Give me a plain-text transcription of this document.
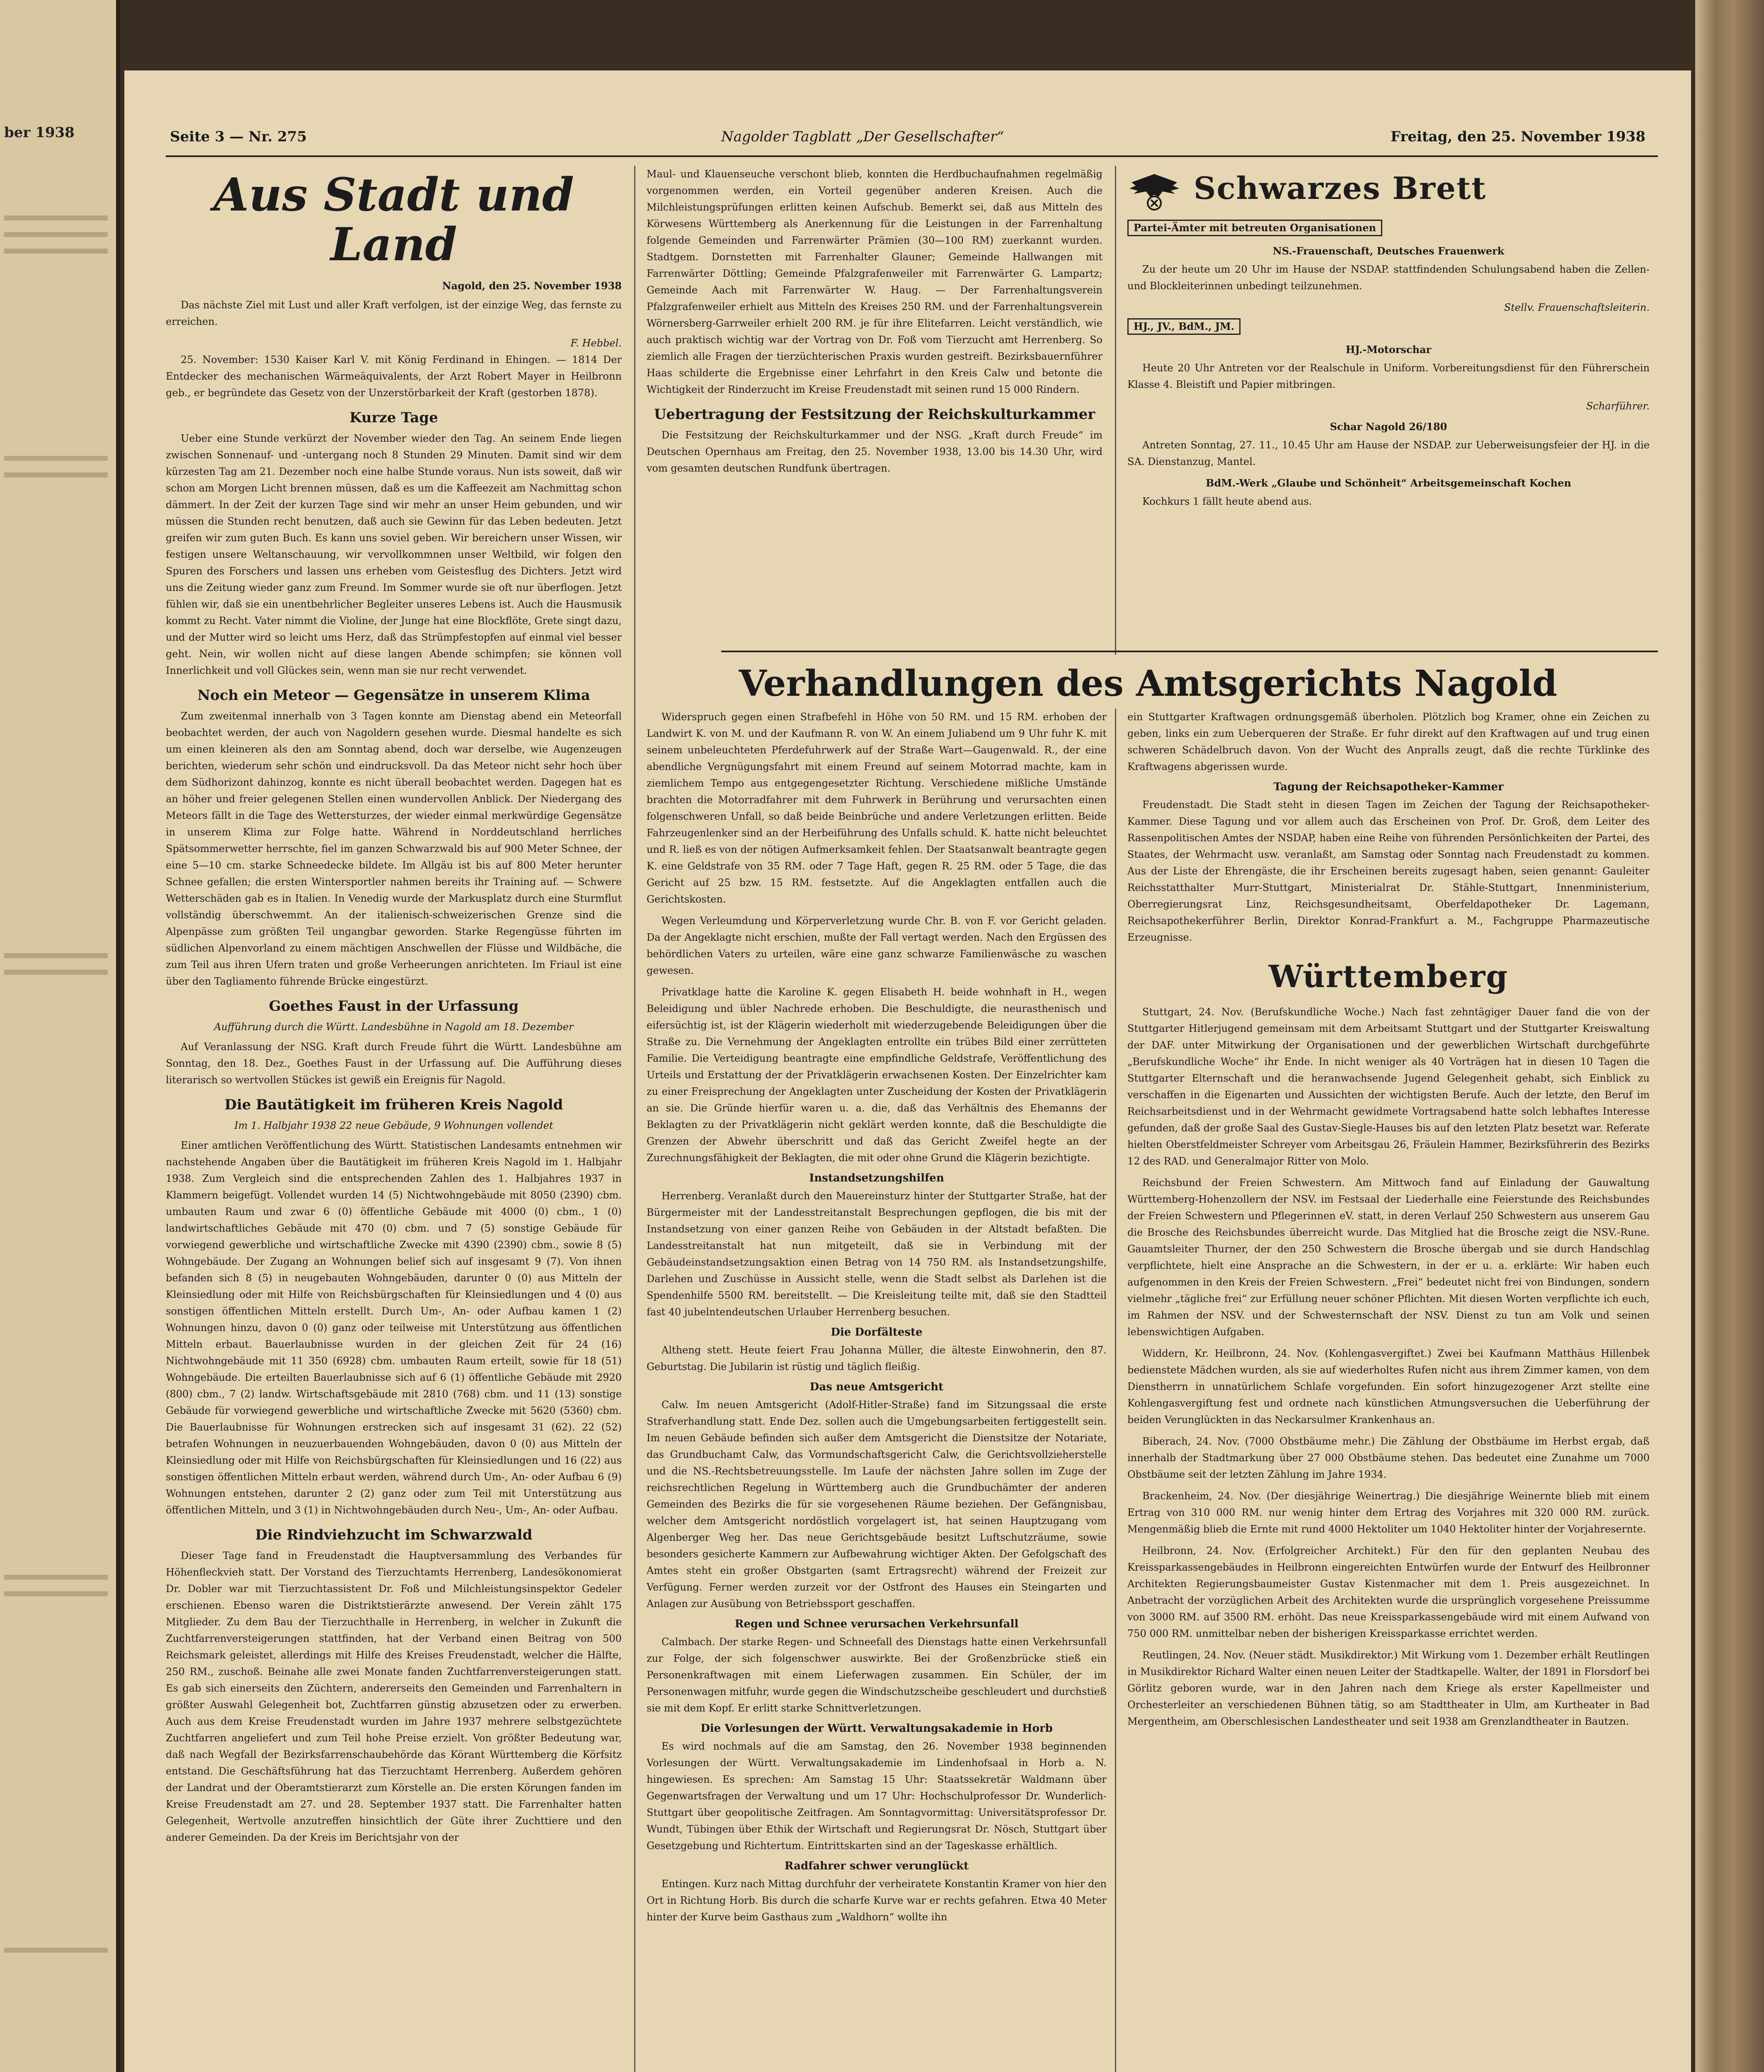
ber 1938	Seite 3 — Nr. 275	Nagolder Tagblatt „Der Gesellschafter“	Freitag, den 25. November 1938
Aus Stadt und Land
Nagold, den 25. November 1938

Das nächste Ziel mit Lust und aller Kraft verfolgen, ist der einzige Weg, das fernste zu erreichen.

F. Hebbel.

25. November: 1530 Kaiser Karl V. mit König Ferdinand in Ehingen. — 1814 Der Entdecker des mechanischen Wärmeäquivalents, der Arzt Robert Mayer in Heilbronn geb., er begründete das Gesetz von der Unzerstörbarkeit der Kraft (gestorben 1878).

Kurze Tage

Ueber eine Stunde verkürzt der November wieder den Tag. An seinem Ende liegen zwischen Sonnenauf- und -untergang noch 8 Stunden 29 Minuten. Damit sind wir dem kürzesten Tag am 21. Dezember noch eine halbe Stunde voraus. Nun ists soweit, daß wir schon am Morgen Licht brennen müssen, daß es um die Kaffeezeit am Nachmittag schon dämmert. In der Zeit der kurzen Tage sind wir mehr an unser Heim gebunden, und wir müssen die Stunden recht benutzen, daß auch sie Gewinn für das Leben bedeuten. Jetzt greifen wir zum guten Buch. Es kann uns soviel geben. Wir bereichern unser Wissen, wir festigen unsere Weltanschauung, wir vervollkommnen unser Weltbild, wir folgen den Spuren des Forschers und lassen uns erheben vom Geistesflug des Dichters. Jetzt wird uns die Zeitung wieder ganz zum Freund. Im Sommer wurde sie oft nur überflogen. Jetzt fühlen wir, daß sie ein unentbehrlicher Begleiter unseres Lebens ist. Auch die Hausmusik kommt zu Recht. Vater nimmt die Violine, der Junge hat eine Blockflöte, Grete singt dazu, und der Mutter wird so leicht ums Herz, daß das Strümpfestopfen auf einmal viel besser geht. Nein, wir wollen nicht auf diese langen Abende schimpfen; sie können voll Innerlichkeit und voll Glückes sein, wenn man sie nur recht verwendet.

Noch ein Meteor — Gegensätze in unserem Klima

Zum zweitenmal innerhalb von 3 Tagen konnte am Dienstag abend ein Meteorfall beobachtet werden, der auch von Nagoldern gesehen wurde. Diesmal handelte es sich um einen kleineren als den am Sonntag abend, doch war derselbe, wie Augenzeugen berichten, wiederum sehr schön und eindrucksvoll. Da das Meteor nicht sehr hoch über dem Südhorizont dahinzog, konnte es nicht überall beobachtet werden. Dagegen hat es an höher und freier gelegenen Stellen einen wundervollen Anblick. Der Niedergang des Meteors fällt in die Tage des Wettersturzes, der wieder einmal merkwürdige Gegensätze in unserem Klima zur Folge hatte. Während in Norddeutschland herrliches Spätsommerwetter herrschte, fiel im ganzen Schwarzwald bis auf 900 Meter Schnee, der eine 5—10 cm. starke Schneedecke bildete. Im Allgäu ist bis auf 800 Meter herunter Schnee gefallen; die ersten Wintersportler nahmen bereits ihr Training auf. — Schwere Wetterschäden gab es in Italien. In Venedig wurde der Markusplatz durch eine Sturmflut vollständig überschwemmt. An der italienisch-schweizerischen Grenze sind die Alpenpässe zum größten Teil ungangbar geworden. Starke Regengüsse führten im südlichen Alpenvorland zu einem mächtigen Anschwellen der Flüsse und Wildbäche, die zum Teil aus ihren Ufern traten und große Verheerungen anrichteten. Im Friaul ist eine über den Tagliamento führende Brücke eingestürzt.

Goethes Faust in der Urfassung
Aufführung durch die Württ. Landesbühne in Nagold am 18. Dezember

Auf Veranlassung der NSG. Kraft durch Freude führt die Württ. Landesbühne am Sonntag, den 18. Dez., Goethes Faust in der Urfassung auf. Die Aufführung dieses literarisch so wertvollen Stückes ist gewiß ein Ereignis für Nagold.

Die Bautätigkeit im früheren Kreis Nagold
Im 1. Halbjahr 1938 22 neue Gebäude, 9 Wohnungen vollendet

Einer amtlichen Veröffentlichung des Württ. Statistischen Landesamts entnehmen wir nachstehende Angaben über die Bautätigkeit im früheren Kreis Nagold im 1. Halbjahr 1938. Zum Vergleich sind die entsprechenden Zahlen des 1. Halbjahres 1937 in Klammern beigefügt. Vollendet wurden 14 (5) Nichtwohngebäude mit 8050 (2390) cbm. umbauten Raum und zwar 6 (0) öffentliche Gebäude mit 4000 (0) cbm., 1 (0) landwirtschaftliches Gebäude mit 470 (0) cbm. und 7 (5) sonstige Gebäude für vorwiegend gewerbliche und wirtschaftliche Zwecke mit 4390 (2390) cbm., sowie 8 (5) Wohngebäude. Der Zugang an Wohnungen belief sich auf insgesamt 9 (7). Von ihnen befanden sich 8 (5) in neugebauten Wohngebäuden, darunter 0 (0) aus Mitteln der Kleinsiedlung oder mit Hilfe von Reichsbürgschaften für Kleinsiedlungen und 4 (0) aus sonstigen öffentlichen Mitteln erstellt. Durch Um-, An- oder Aufbau kamen 1 (2) Wohnungen hinzu, davon 0 (0) ganz oder teilweise mit Unterstützung aus öffentlichen Mitteln erbaut. Bauerlaubnisse wurden in der gleichen Zeit für 24 (16) Nichtwohngebäude mit 11 350 (6928) cbm. umbauten Raum erteilt, sowie für 18 (51) Wohngebäude. Die erteilten Bauerlaubnisse sich auf 6 (1) öffentliche Gebäude mit 2920 (800) cbm., 7 (2) landw. Wirtschaftsgebäude mit 2810 (768) cbm. und 11 (13) sonstige Gebäude für vorwiegend gewerbliche und wirtschaftliche Zwecke mit 5620 (5360) cbm. Die Bauerlaubnisse für Wohnungen erstrecken sich auf insgesamt 31 (62). 22 (52) betrafen Wohnungen in neuzuerbauenden Wohngebäuden, davon 0 (0) aus Mitteln der Kleinsiedlung oder mit Hilfe von Reichsbürgschaften für Kleinsiedlungen und 16 (22) aus sonstigen öffentlichen Mitteln erbaut werden, während durch Um-, An- oder Aufbau 6 (9) Wohnungen entstehen, darunter 2 (2) ganz oder zum Teil mit Unterstützung aus öffentlichen Mitteln, und 3 (1) in Nichtwohngebäuden durch Neu-, Um-, An- oder Aufbau.

Die Rindviehzucht im Schwarzwald

Dieser Tage fand in Freudenstadt die Hauptversammlung des Verbandes für Höhenfleckvieh statt. Der Vorstand des Tierzuchtamts Herrenberg, Landesökonomierat Dr. Dobler war mit Tierzuchtassistent Dr. Foß und Milchleistungsinspektor Gedeler erschienen. Ebenso waren die Distriktstierärzte anwesend. Der Verein zählt 175 Mitglieder. Zu dem Bau der Tierzuchthalle in Herrenberg, in welcher in Zukunft die Zuchtfarrenversteigerungen stattfinden, hat der Verband einen Beitrag von 500 Reichsmark geleistet, allerdings mit Hilfe des Kreises Freudenstadt, welcher die Hälfte, 250 RM., zuschoß. Beinahe alle zwei Monate fanden Zuchtfarrenversteigerungen statt. Es gab sich einerseits den Züchtern, andererseits den Gemeinden und Farrenhaltern in größter Auswahl Gelegenheit bot, Zuchtfarren günstig abzusetzen oder zu erwerben. Auch aus dem Kreise Freudenstadt wurden im Jahre 1937 mehrere selbstgezüchtete Zuchtfarren angeliefert und zum Teil hohe Preise erzielt. Von größter Bedeutung war, daß nach Wegfall der Bezirksfarrenschaubehörde das Körant Württemberg die Körfsitz entstand. Die Geschäftsführung hat das Tierzuchtamt Herrenberg. Außerdem gehören der Landrat und der Oberamtstierarzt zum Körstelle an. Die ersten Körungen fanden im Kreise Freudenstadt am 27. und 28. September 1937 statt. Die Farrenhalter hatten Gelegenheit, Wertvolle anzutreffen hinsichtlich der Güte ihrer Zuchttiere und den anderer Gemeinden. Da der Kreis im Berichtsjahr von der

Maul- und Klauenseuche verschont blieb, konnten die Herdbuchaufnahmen regelmäßig vorgenommen werden, ein Vorteil gegenüber anderen Kreisen. Auch die Milchleistungsprüfungen erlitten keinen Aufschub. Bemerkt sei, daß aus Mitteln des Körwesens Württemberg als Anerkennung für die Leistungen in der Farrenhaltung folgende Gemeinden und Farrenwärter Prämien (30—100 RM) zuerkannt wurden. Stadtgem. Dornstetten mit Farrenhalter Glauner; Gemeinde Hallwangen mit Farrenwärter Döttling; Gemeinde Pfalzgrafenweiler mit Farrenwärter G. Lampartz; Gemeinde Aach mit Farrenwärter W. Haug. — Der Farrenhaltungsverein Pfalzgrafenweiler erhielt aus Mitteln des Kreises 250 RM. und der Farrenhaltungsverein Wörnersberg-Garrweiler erhielt 200 RM. je für ihre Elitefarren. Leicht verständlich, wie auch praktisch wichtig war der Vortrag von Dr. Foß vom Tierzucht amt Herrenberg. So ziemlich alle Fragen der tierzüchterischen Praxis wurden gestreift. Bezirksbauernführer Haas schilderte die Ergebnisse einer Lehrfahrt in den Kreis Calw und betonte die Wichtigkeit der Rinderzucht im Kreise Freudenstadt mit seinen rund 15 000 Rindern.

Uebertragung der Festsitzung der Reichskulturkammer

Die Festsitzung der Reichskulturkammer und der NSG. „Kraft durch Freude“ im Deutschen Opernhaus am Freitag, den 25. November 1938, 13.00 bis 14.30 Uhr, wird vom gesamten deutschen Rundfunk übertragen.

Schwarzes Brett
Partei-Ämter mit betreuten Organisationen
NS.-Frauenschaft, Deutsches Frauenwerk

Zu der heute um 20 Uhr im Hause der NSDAP. stattfindenden Schulungsabend haben die Zellen- und Blockleiterinnen unbedingt teilzunehmen.

Stellv. Frauenschaftsleiterin.
HJ., JV., BdM., JM.
HJ.-Motorschar

Heute 20 Uhr Antreten vor der Realschule in Uniform. Vorbereitungsdienst für den Führerschein Klasse 4. Bleistift und Papier mitbringen.

Scharführer.
Schar Nagold 26/180

Antreten Sonntag, 27. 11., 10.45 Uhr am Hause der NSDAP. zur Ueberweisungsfeier der HJ. in die SA. Dienstanzug, Mantel.

BdM.-Werk „Glaube und Schönheit“ Arbeitsgemeinschaft Kochen

Kochkurs 1 fällt heute abend aus.

Verhandlungen des Amtsgerichts Nagold

Widerspruch gegen einen Strafbefehl in Höhe von 50 RM. und 15 RM. erhoben der Landwirt K. von M. und der Kaufmann R. von W. An einem Juliabend um 9 Uhr fuhr K. mit seinem unbeleuchteten Pferdefuhrwerk auf der Straße Wart—Gaugenwald. R., der eine abendliche Vergnügungsfahrt mit einem Freund auf seinem Motorrad machte, kam in ziemlichem Tempo aus entgegengesetzter Richtung. Verschiedene mißliche Umstände brachten die Motorradfahrer mit dem Fuhrwerk in Berührung und verursachten einen folgenschweren Unfall, so daß beide Beinbrüche und andere Verletzungen erlitten. Beide Fahrzeugenlenker sind an der Herbeiführung des Unfalls schuld. K. hatte nicht beleuchtet und R. ließ es von der nötigen Aufmerksamkeit fehlen. Der Staatsanwalt beantragte gegen K. eine Geldstrafe von 35 RM. oder 7 Tage Haft, gegen R. 25 RM. oder 5 Tage, die das Gericht auf 25 bzw. 15 RM. festsetzte. Auf die Angeklagten entfallen auch die Gerichtskosten.

Wegen Verleumdung und Körperverletzung wurde Chr. B. von F. vor Gericht geladen. Da der Angeklagte nicht erschien, mußte der Fall vertagt werden. Nach den Ergüssen des behördlichen Vaters zu urteilen, wäre eine ganz schwarze Familienwäsche zu waschen gewesen.

Privatklage hatte die Karoline K. gegen Elisabeth H. beide wohnhaft in H., wegen Beleidigung und übler Nachrede erhoben. Die Beschuldigte, die neurasthenisch und eifersüchtig ist, ist der Klägerin wiederholt mit wiederzugebende Beleidigungen über die Straße zu. Die Vernehmung der Angeklagten entrollte ein trübes Bild einer zerrütteten Familie. Die Verteidigung beantragte eine empfindliche Geldstrafe, Veröffentlichung des Urteils und Erstattung der der Privatklägerin erwachsenen Kosten. Der Einzelrichter kam zu einer Freisprechung der Angeklagten unter Zuscheidung der Kosten der Privatklägerin an sie. Die Gründe hierfür waren u. a. die, daß das Verhältnis des Ehemanns der Beklagten zu der Privatklägerin nicht geklärt werden konnte, daß die Beschuldigte die Grenzen der Abwehr überschritt und daß das Gericht Zweifel hegte an der Zurechnungsfähigkeit der Beklagten, die mit oder ohne Grund die Klägerin bezichtigte.

Instandsetzungshilfen

Herrenberg. Veranlaßt durch den Mauereinsturz hinter der Stuttgarter Straße, hat der Bürgermeister mit der Landesstreitanstalt Besprechungen gepflogen, die bis mit der Instandsetzung von einer ganzen Reihe von Gebäuden in der Altstadt befaßten. Die Landesstreitanstalt hat nun mitgeteilt, daß sie in Verbindung mit der Gebäudeinstandsetzungsaktion einen Betrag von 14 750 RM. als Instandsetzungshilfe, Darlehen und Zuschüsse in Aussicht stelle, wenn die Stadt selbst als Darlehen ist die Spendenhilfe 5500 RM. bereitstellt. — Die Kreisleitung teilte mit, daß sie den Stadtteil fast 40 jubelntendeutschen Urlauber Herrenberg besuchen.

Die Dorfälteste

Altheng stett. Heute feiert Frau Johanna Müller, die älteste Einwohnerin, den 87. Geburtstag. Die Jubilarin ist rüstig und täglich fleißig.

Das neue Amtsgericht

Calw. Im neuen Amtsgericht (Adolf-Hitler-Straße) fand im Sitzungssaal die erste Strafverhandlung statt. Ende Dez. sollen auch die Umgebungsarbeiten fertiggestellt sein. Im neuen Gebäude befinden sich außer dem Amtsgericht die Dienstsitze der Notariate, das Grundbuchamt Calw, das Vormundschaftsgericht Calw, die Gerichtsvollzieherstelle und die NS.-Rechtsbetreuungsstelle. Im Laufe der nächsten Jahre sollen im Zuge der reichsrechtlichen Regelung in Württemberg auch die Grundbuchämter der anderen Gemeinden des Bezirks die für sie vorgesehenen Räume beziehen. Der Gefängnisbau, welcher dem Amtsgericht nordöstlich vorgelagert ist, hat seinen Hauptzugang vom Algenberger Weg her. Das neue Gerichtsgebäude besitzt Luftschutzräume, sowie besonders gesicherte Kammern zur Aufbewahrung wichtiger Akten. Der Gefolgschaft des Amtes steht ein großer Obstgarten (samt Ertragsrecht) während der Freizeit zur Verfügung. Ferner werden zurzeit vor der Ostfront des Hauses ein Steingarten und Anlagen zur Ausübung von Betriebssport geschaffen.

Regen und Schnee verursachen Verkehrsunfall

Calmbach. Der starke Regen- und Schneefall des Dienstags hatte einen Verkehrsunfall zur Folge, der sich folgenschwer auswirkte. Bei der Großenzbrücke stieß ein Personenkraftwagen mit einem Lieferwagen zusammen. Ein Schüler, der im Personenwagen mitfuhr, wurde gegen die Windschutzscheibe geschleudert und durchstieß sie mit dem Kopf. Er erlitt starke Schnittverletzungen.

Die Vorlesungen der Württ. Verwaltungsakademie in Horb

Es wird nochmals auf die am Samstag, den 26. November 1938 beginnenden Vorlesungen der Württ. Verwaltungsakademie im Lindenhofsaal in Horb a. N. hingewiesen. Es sprechen: Am Samstag 15 Uhr: Staatssekretär Waldmann über Gegenwartsfragen der Verwaltung und um 17 Uhr: Hochschulprofessor Dr. Wunderlich-Stuttgart über geopolitische Zeitfragen. Am Sonntagvormittag: Universitätsprofessor Dr. Wundt, Tübingen über Ethik der Wirtschaft und Regierungsrat Dr. Nösch, Stuttgart über Gesetzgebung und Richtertum. Eintrittskarten sind an der Tageskasse erhältlich.

Radfahrer schwer verunglückt

Entingen. Kurz nach Mittag durchfuhr der verheiratete Konstantin Kramer von hier den Ort in Richtung Horb. Bis durch die scharfe Kurve war er rechts gefahren. Etwa 40 Meter hinter der Kurve beim Gasthaus zum „Waldhorn“ wollte ihn

ein Stuttgarter Kraftwagen ordnungsgemäß überholen. Plötzlich bog Kramer, ohne ein Zeichen zu geben, links ein zum Ueberqueren der Straße. Er fuhr direkt auf den Kraftwagen auf und trug einen schweren Schädelbruch davon. Von der Wucht des Anpralls zeugt, daß die rechte Türklinke des Kraftwagens abgerissen wurde.

Tagung der Reichsapotheker-Kammer

Freudenstadt. Die Stadt steht in diesen Tagen im Zeichen der Tagung der Reichsapotheker-Kammer. Diese Tagung und vor allem auch das Erscheinen von Prof. Dr. Groß, dem Leiter des Rassenpolitischen Amtes der NSDAP, haben eine Reihe von führenden Persönlichkeiten der Partei, des Staates, der Wehrmacht usw. veranlaßt, am Samstag oder Sonntag nach Freudenstadt zu kommen. Aus der Liste der Ehrengäste, die ihr Erscheinen bereits zugesagt haben, seien genannt: Gauleiter Reichsstatthalter Murr-Stuttgart, Ministerialrat Dr. Stähle-Stuttgart, Innenministerium, Oberregierungsrat Linz, Reichsgesundheitsamt, Oberfeldapotheker Dr. Lagemann, Reichsapothekerführer Berlin, Direktor Konrad-Frankfurt a. M., Fachgruppe Pharmazeutische Erzeugnisse.

Württemberg

Stuttgart, 24. Nov. (Berufskundliche Woche.) Nach fast zehntägiger Dauer fand die von der Stuttgarter Hitlerjugend gemeinsam mit dem Arbeitsamt Stuttgart und der Stuttgarter Kreiswaltung der DAF. unter Mitwirkung der Organisationen und der gewerblichen Wirtschaft durchgeführte „Berufskundliche Woche“ ihr Ende. In nicht weniger als 40 Vorträgen hat in diesen 10 Tagen die Stuttgarter Elternschaft und die heranwachsende Jugend Gelegenheit gehabt, sich Einblick zu verschaffen in die Eigenarten und Aussichten der wichtigsten Berufe. Auch der letzte, den Beruf im Reichsarbeitsdienst und in der Wehrmacht gewidmete Vortragsabend hatte solch lebhaftes Interesse gefunden, daß der große Saal des Gustav-Siegle-Hauses bis auf den letzten Platz besetzt war. Referate hielten Oberstfeldmeister Schreyer vom Arbeitsgau 26, Fräulein Hammer, Bezirksführerin des Bezirks 12 des RAD. und Generalmajor Ritter von Molo.

Reichsbund der Freien Schwestern. Am Mittwoch fand auf Einladung der Gauwaltung Württemberg-Hohenzollern der NSV. im Festsaal der Liederhalle eine Feierstunde des Reichsbundes der Freien Schwestern und Pflegerinnen eV. statt, in deren Verlauf 250 Schwestern aus unserem Gau die Brosche des Reichsbundes überreicht wurde. Das Mitglied hat die Brosche zeigt die NSV.-Rune. Gauamtsleiter Thurner, der den 250 Schwestern die Brosche übergab und sie durch Handschlag verpflichtete, hielt eine Ansprache an die Schwestern, in der er u. a. erklärte: Wir haben euch aufgenommen in den Kreis der Freien Schwestern. „Frei“ bedeutet nicht frei von Bindungen, sondern vielmehr „tägliche frei“ zur Erfüllung neuer schöner Pflichten. Mit diesen Worten verpflichte ich euch, im Rahmen der NSV. und der Schwesternschaft der NSV. Dienst zu tun am Volk und seinen lebenswichtigen Aufgaben.

Widdern, Kr. Heilbronn, 24. Nov. (Kohlengasvergiftet.) Zwei bei Kaufmann Matthäus Hillenbek bedienstete Mädchen wurden, als sie auf wiederholtes Rufen nicht aus ihrem Zimmer kamen, von dem Dienstherrn in unnatürlichem Schlafe vorgefunden. Ein sofort hinzugezogener Arzt stellte eine Kohlengasvergiftung fest und ordnete nach künstlichen Atmungsversuchen die Ueberführung der beiden Verunglückten in das Neckarsulmer Krankenhaus an.

Biberach, 24. Nov. (7000 Obstbäume mehr.) Die Zählung der Obstbäume im Herbst ergab, daß innerhalb der Stadtmarkung über 27 000 Obstbäume stehen. Das bedeutet eine Zunahme um 7000 Obstbäume seit der letzten Zählung im Jahre 1934.

Brackenheim, 24. Nov. (Der diesjährige Weinertrag.) Die diesjährige Weinernte blieb mit einem Ertrag von 310 000 RM. nur wenig hinter dem Ertrag des Vorjahres mit 320 000 RM. zurück. Mengenmäßig blieb die Ernte mit rund 4000 Hektoliter um 1040 Hektoliter hinter der Vorjahresernte.

Heilbronn, 24. Nov. (Erfolgreicher Architekt.) Für den für den geplanten Neubau des Kreissparkassengebäudes in Heilbronn eingereichten Entwürfen wurde der Entwurf des Heilbronner Architekten Regierungsbaumeister Gustav Kistenmacher mit dem 1. Preis ausgezeichnet. In Anbetracht der vorzüglichen Arbeit des Architekten wurde die ursprünglich vorgesehene Preissumme von 3000 RM. auf 3500 RM. erhöht. Das neue Kreissparkassengebäude wird mit einem Aufwand von 750 000 RM. unmittelbar neben der bisherigen Kreissparkasse errichtet werden.

Reutlingen, 24. Nov. (Neuer städt. Musikdirektor.) Mit Wirkung vom 1. Dezember erhält Reutlingen in Musikdirektor Richard Walter einen neuen Leiter der Stadtkapelle. Walter, der 1891 in Florsdorf bei Görlitz geboren wurde, war in den Jahren nach dem Kriege als erster Kapellmeister und Orchesterleiter an verschiedenen Bühnen tätig, so am Stadttheater in Ulm, am Kurtheater in Bad Mergentheim, am Oberschlesischen Landestheater und seit 1938 am Grenzlandtheater in Bautzen.
